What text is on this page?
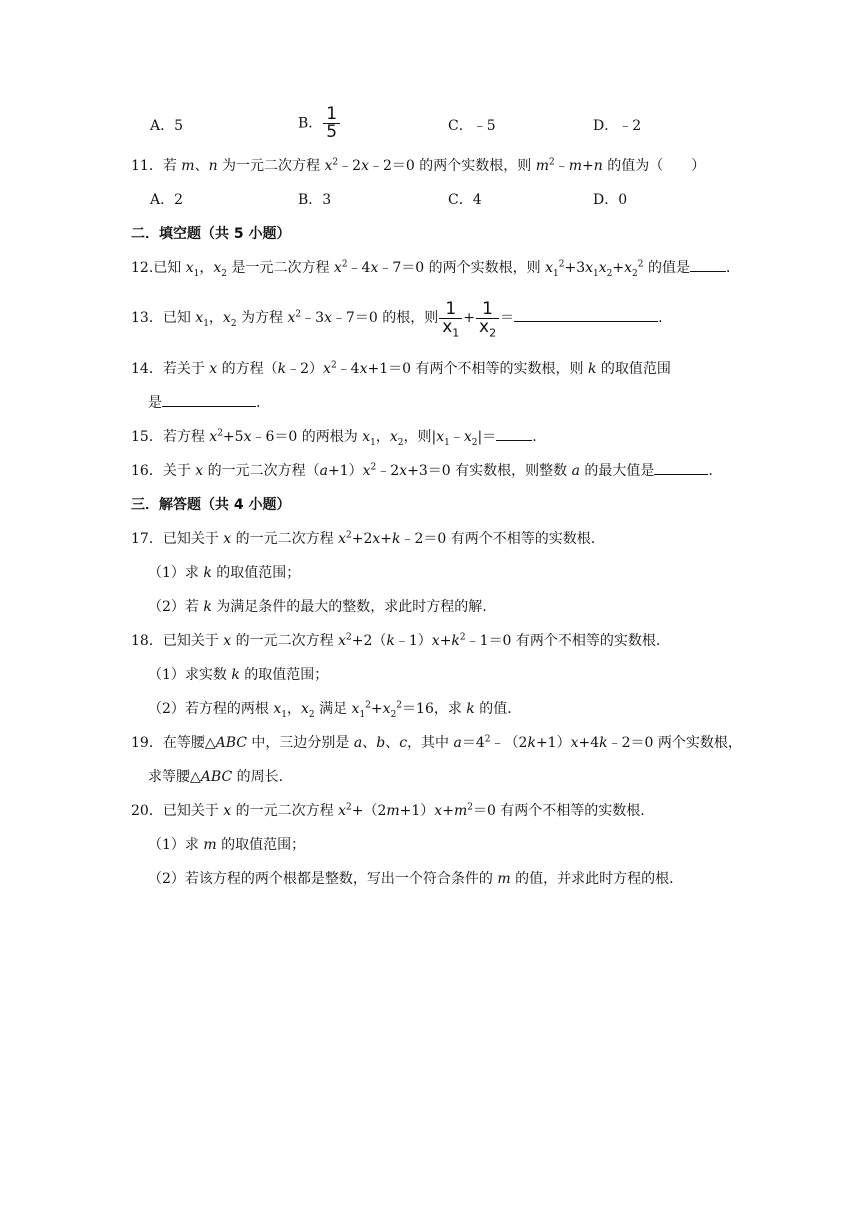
A．5	B． $\frac{1}{5}$	C．﹣5	D．﹣2
11．若 m、n 为一元二次方程 $x^2﹣2x﹣2=0$ 的两个实数根，则 $m^2﹣m+n$ 的值为（　　）
A．2	B．3	C．4	D．0
二．填空题（共 5 小题）
12.已知 $x_1$，$x_2$ 是一元二次方程 $x^2﹣4x﹣7=0$ 的两个实数根，则 $x_1^2+3x_1x_2+x_2^2$ 的值是	．
13．已知 $x_1$，$x_2$ 为方程 $x^2﹣3x﹣7=0$ 的根，则 $\frac{1}{x_1} + \frac{1}{x_2}$ ＝	.
14．若关于 x 的方程$(k﹣2)x^2﹣4x+1=0$ 有两个不相等的实数根，则 k 的取值范围
是	.
15．若方程 $x^2+5x﹣6=0$ 的两根为 $x_1$，$x_2$，则$|x_1﹣x_2|=$	.
16．关于 x 的一元二次方程$(a+1)x^2﹣2x+3=0$ 有实数根，则整数 a 的最大值是	.
三．解答题（共 4 小题）
17．已知关于 x 的一元二次方程 $x^2+2x+k﹣2=0$ 有两个不相等的实数根.
（1）求 k 的取值范围；
（2）若 k 为满足条件的最大的整数，求此时方程的解.
18．已知关于 x 的一元二次方程 $x^2+2(k﹣1)x+k^2﹣1=0$ 有两个不相等的实数根.
（1）求实数 k 的取值范围；
（2）若方程的两根 $x_1$，$x_2$ 满足 $x_1^2+x_2^2=16$，求 k 的值.
19．在等腰△ABC 中，三边分别是 a、b、c，其中 $a=4^2﹣(2k+1)x+4k﹣2=0$ 两个实数根，
求等腰△ABC 的周长.
20．已知关于 x 的一元二次方程 $x^2+(2m+1)x+m^2=0$ 有两个不相等的实数根.
（1）求 m 的取值范围；
（2）若该方程的两个根都是整数，写出一个符合条件的 m 的值，并求此时方程的根.
